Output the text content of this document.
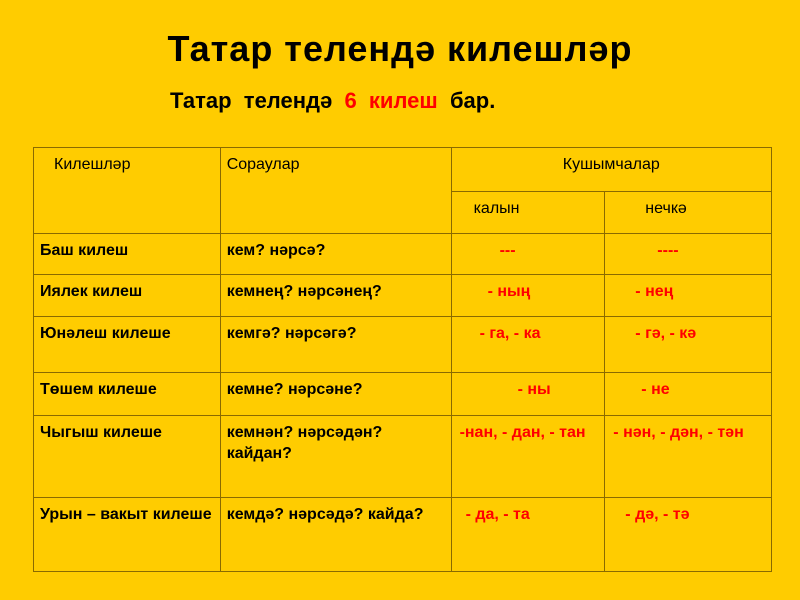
Татар телендә килешләр
Татар  телендә  6  килеш  бар.
Килешләр	Сораулар	Кушымчалар	
		калын	нечкә
Баш килеш	кем? нәрсә?	---	----
Иялек килеш	кемнең? нәрсәнең?	- ның	- нең
Юнәлеш килеше	кемгә? нәрсәгә?	- га, - ка	- гә, - кә
Төшем килеше	кемне? нәрсәне?	- ны	- не
Чыгыш килеше	кемнән? нәрсәдән? кайдан?	-нан, - дан, - тан	- нән, - дән, - тән
Урын – вакыт килеше	кемдә? нәрсәдә? кайда?	- да, - та	- дә, - тә
